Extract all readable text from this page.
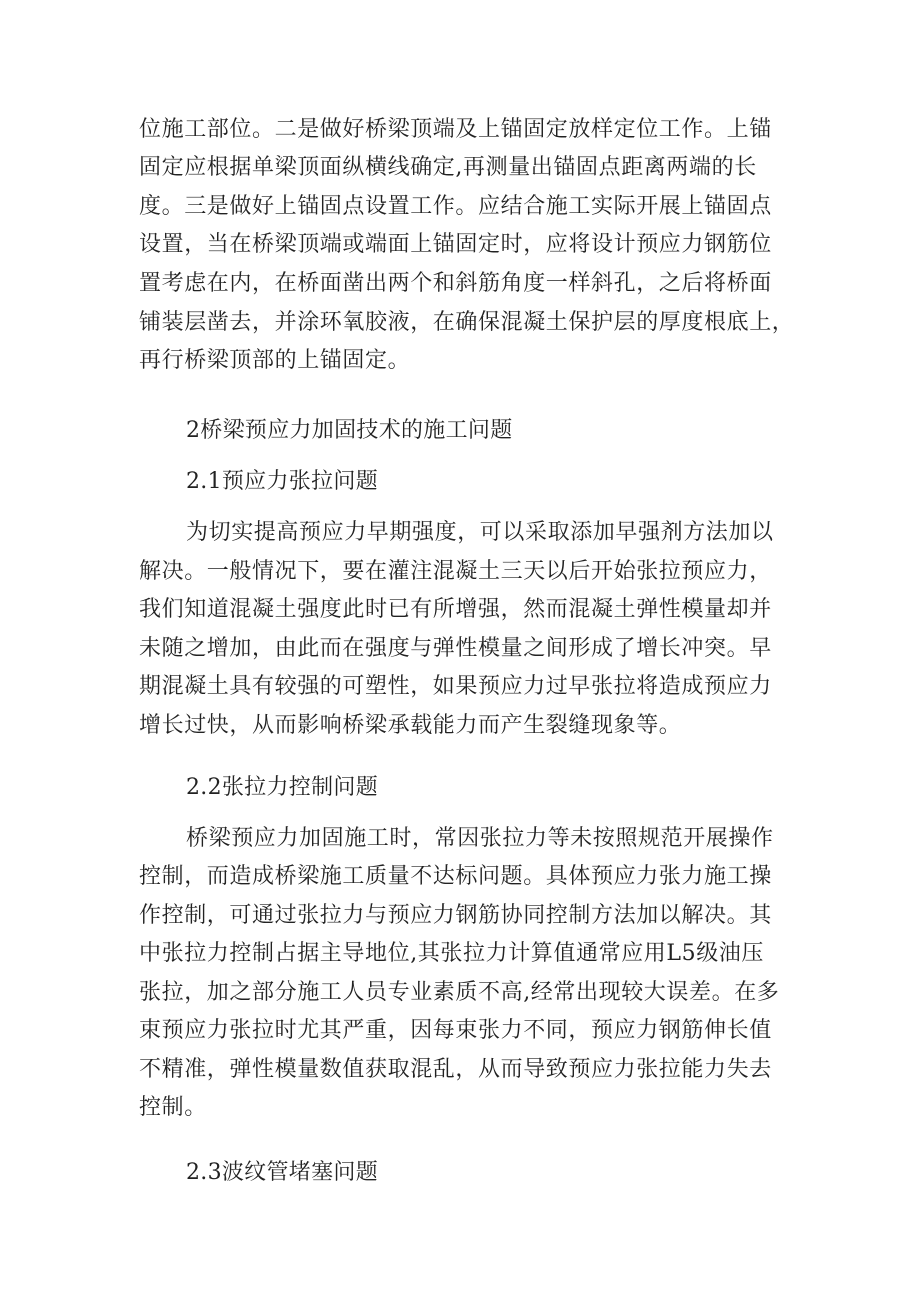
位施工部位。二是做好桥梁顶端及上锚固定放样定位工作。上锚
固定应根据单梁顶面纵横线确定,再测量出锚固点距离两端的长
度。三是做好上锚固点设置工作。应结合施工实际开展上锚固点
设置，当在桥梁顶端或端面上锚固定时，应将设计预应力钢筋位
置考虑在内，在桥面凿出两个和斜筋角度一样斜孔，之后将桥面
铺装层凿去，并涂环氧胶液，在确保混凝土保护层的厚度根底上，
再行桥梁顶部的上锚固定。
2桥梁预应力加固技术的施工问题
2.1预应力张拉问题
为切实提高预应力早期强度，可以采取添加早强剂方法加以
解决。一般情况下，要在灌注混凝土三天以后开始张拉预应力，
我们知道混凝土强度此时已有所增强，然而混凝土弹性模量却并
未随之增加，由此而在强度与弹性模量之间形成了增长冲突。早
期混凝土具有较强的可塑性，如果预应力过早张拉将造成预应力
增长过快，从而影响桥梁承载能力而产生裂缝现象等。
2.2张拉力控制问题
桥梁预应力加固施工时，常因张拉力等未按照规范开展操作
控制，而造成桥梁施工质量不达标问题。具体预应力张力施工操
作控制，可通过张拉力与预应力钢筋协同控制方法加以解决。其
中张拉力控制占据主导地位,其张拉力计算值通常应用L5级油压
张拉，加之部分施工人员专业素质不高,经常出现较大误差。在多
束预应力张拉时尤其严重，因每束张力不同，预应力钢筋伸长值
不精准，弹性模量数值获取混乱，从而导致预应力张拉能力失去
控制。
2.3波纹管堵塞问题
